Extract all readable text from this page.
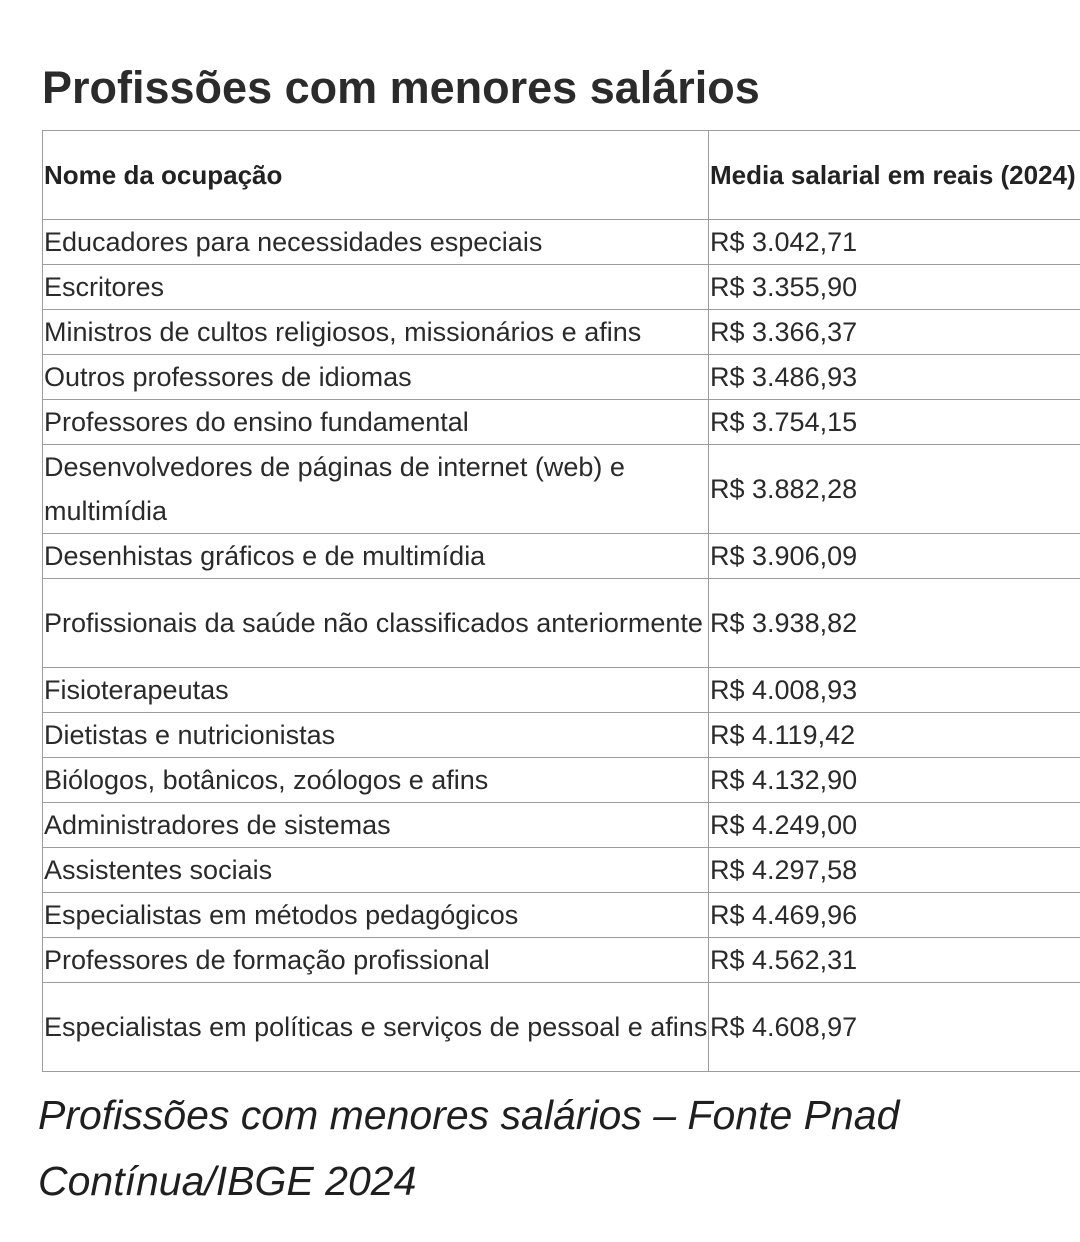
Profissões com menores salários
Nome da ocupação	Media salarial em reais (2024)
Educadores para necessidades especiais	R$ 3.042,71
Escritores	R$ 3.355,90
Ministros de cultos religiosos, missionários e afins	R$ 3.366,37
Outros professores de idiomas	R$ 3.486,93
Professores do ensino fundamental	R$ 3.754,15
Desenvolvedores de páginas de internet (web) e multimídia	R$ 3.882,28
Desenhistas gráficos e de multimídia	R$ 3.906,09
Profissionais da saúde não classificados anteriormente	R$ 3.938,82
Fisioterapeutas	R$ 4.008,93
Dietistas e nutricionistas	R$ 4.119,42
Biólogos, botânicos, zoólogos e afins	R$ 4.132,90
Administradores de sistemas	R$ 4.249,00
Assistentes sociais	R$ 4.297,58
Especialistas em métodos pedagógicos	R$ 4.469,96
Professores de formação profissional	R$ 4.562,31
Especialistas em políticas e serviços de pessoal e afins	R$ 4.608,97

Profissões com menores salários – Fonte Pnad Contínua/IBGE 2024
